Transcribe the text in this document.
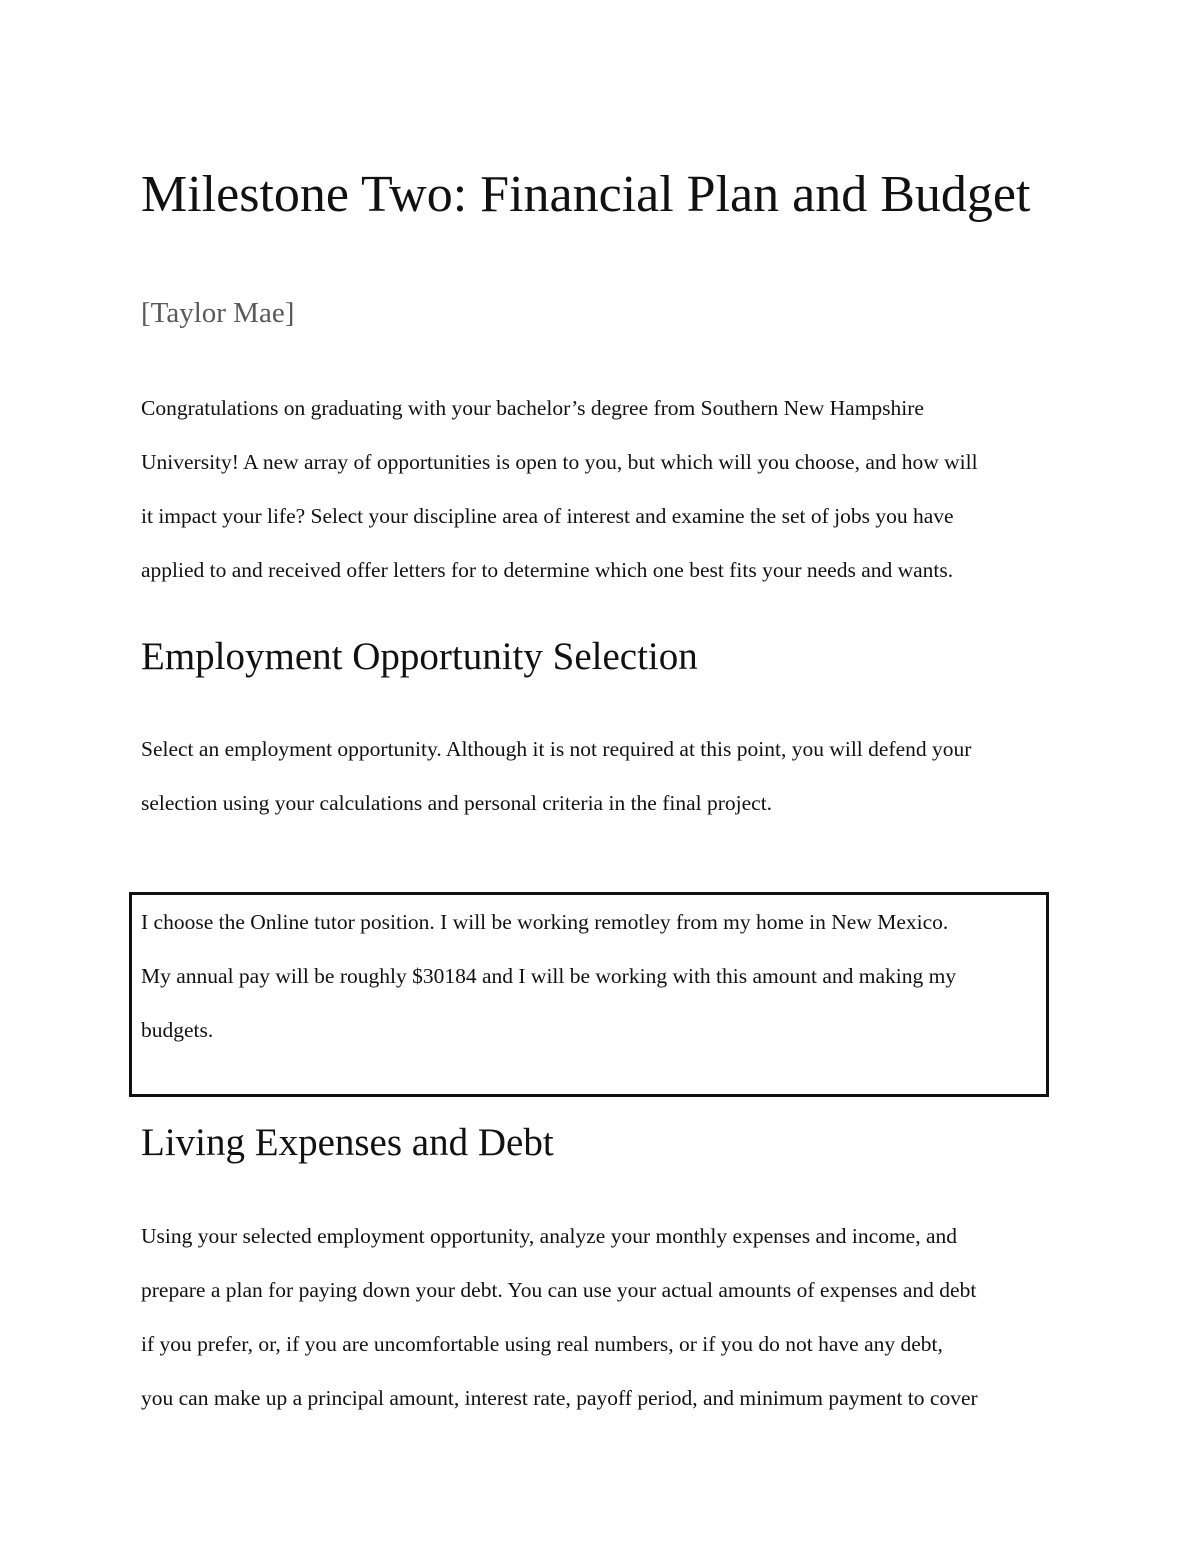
Milestone Two: Financial Plan and Budget

[Taylor Mae]

Congratulations on graduating with your bachelor’s degree from Southern New Hampshire
University! A new array of opportunities is open to you, but which will you choose, and how will
it impact your life? Select your discipline area of interest and examine the set of jobs you have
applied to and received offer letters for to determine which one best fits your needs and wants.

Employment Opportunity Selection

Select an employment opportunity. Although it is not required at this point, you will defend your
selection using your calculations and personal criteria in the final project.

I choose the Online tutor position. I will be working remotley from my home in New Mexico.
My annual pay will be roughly $30184 and I will be working with this amount and making my
budgets.

Living Expenses and Debt

Using your selected employment opportunity, analyze your monthly expenses and income, and
prepare a plan for paying down your debt. You can use your actual amounts of expenses and debt
if you prefer, or, if you are uncomfortable using real numbers, or if you do not have any debt,
you can make up a principal amount, interest rate, payoff period, and minimum payment to cover
